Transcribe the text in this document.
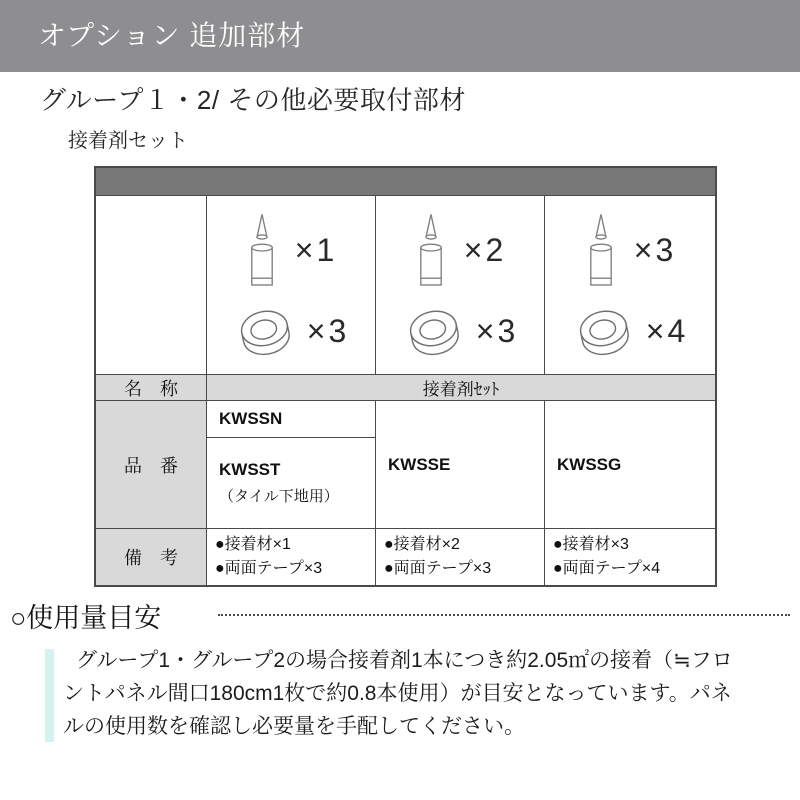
オプション 追加部材
グループ１・2/ その他必要取付部材
接着剤セット
×1
×3
×2
×3
×3
×4
名　称	接着剤ｾｯﾄ
品　番
KWSSN
KWSST
（タイル下地用）
KWSSE	KWSSG
備　考
●接着材×1
●両面テープ×3
●接着材×2
●両面テープ×3
●接着材×3
●両面テープ×4
○使用量目安
グループ1・グループ2の場合接着剤1本につき約2.05㎡の接着（≒フロ
ントパネル間口180cm1枚で約0.8本使用）が目安となっています。パネ
ルの使用数を確認し必要量を手配してください。
